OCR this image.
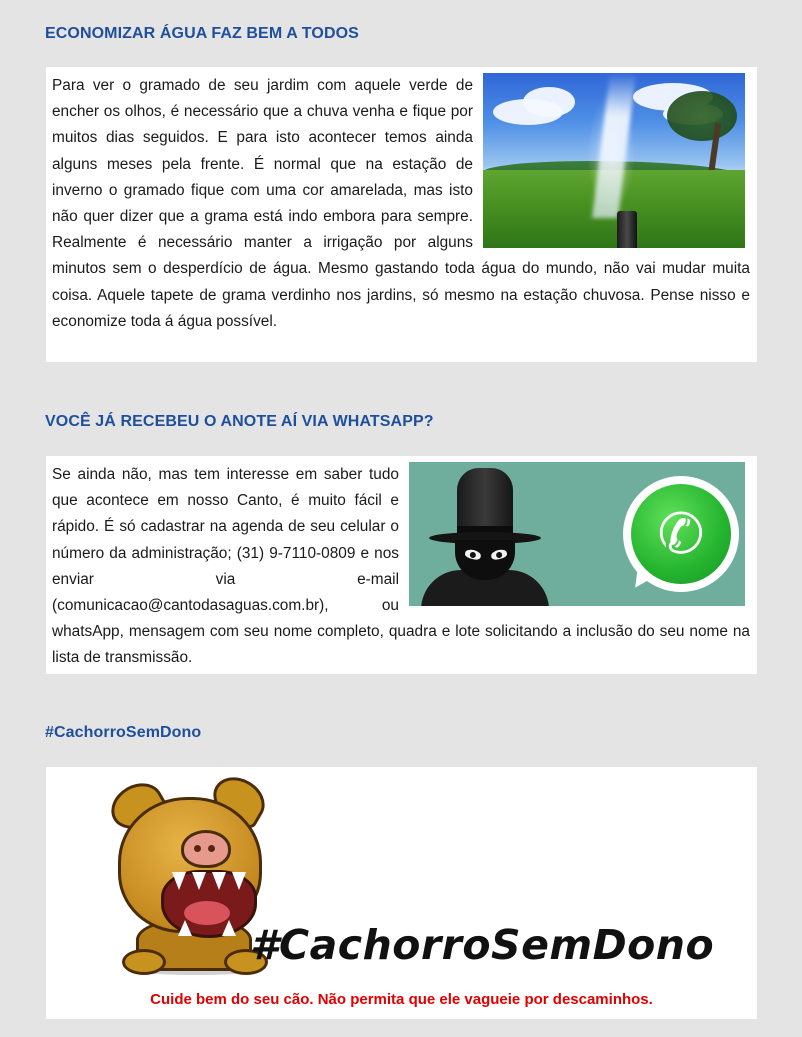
ECONOMIZAR ÁGUA FAZ BEM A TODOS

Para ver o gramado de seu jardim com aquele verde de encher os olhos, é necessário que a chuva venha e fique por muitos dias seguidos. E para isto acontecer temos ainda alguns meses pela frente. É normal que na estação de inverno o gramado fique com uma cor amarelada, mas isto não quer dizer que a grama está indo embora para sempre. Realmente é necessário manter a irrigação por alguns minutos sem o desperdício de água. Mesmo gastando toda água do mundo, não vai mudar muita coisa. Aquele tapete de grama verdinho nos jardins, só mesmo na estação chuvosa. Pense nisso e economize toda á água possível.

VOCÊ JÁ RECEBEU O ANOTE AÍ VIA WHATSAPP?
✆

Se ainda não, mas tem interesse em saber tudo que acontece em nosso Canto, é muito fácil e rápido. É só cadastrar na agenda de seu celular o número da administração; (31) 9-7110-0809 e nos enviar via e-mail (comunicacao@cantodasaguas.com.br), ou whatsApp, mensagem com seu nome completo, quadra e lote solicitando a inclusão do seu nome na lista de transmissão.

#CachorroSemDono
#CachorroSemDono

Cuide bem do seu cão. Não permita que ele vagueie por descaminhos.
